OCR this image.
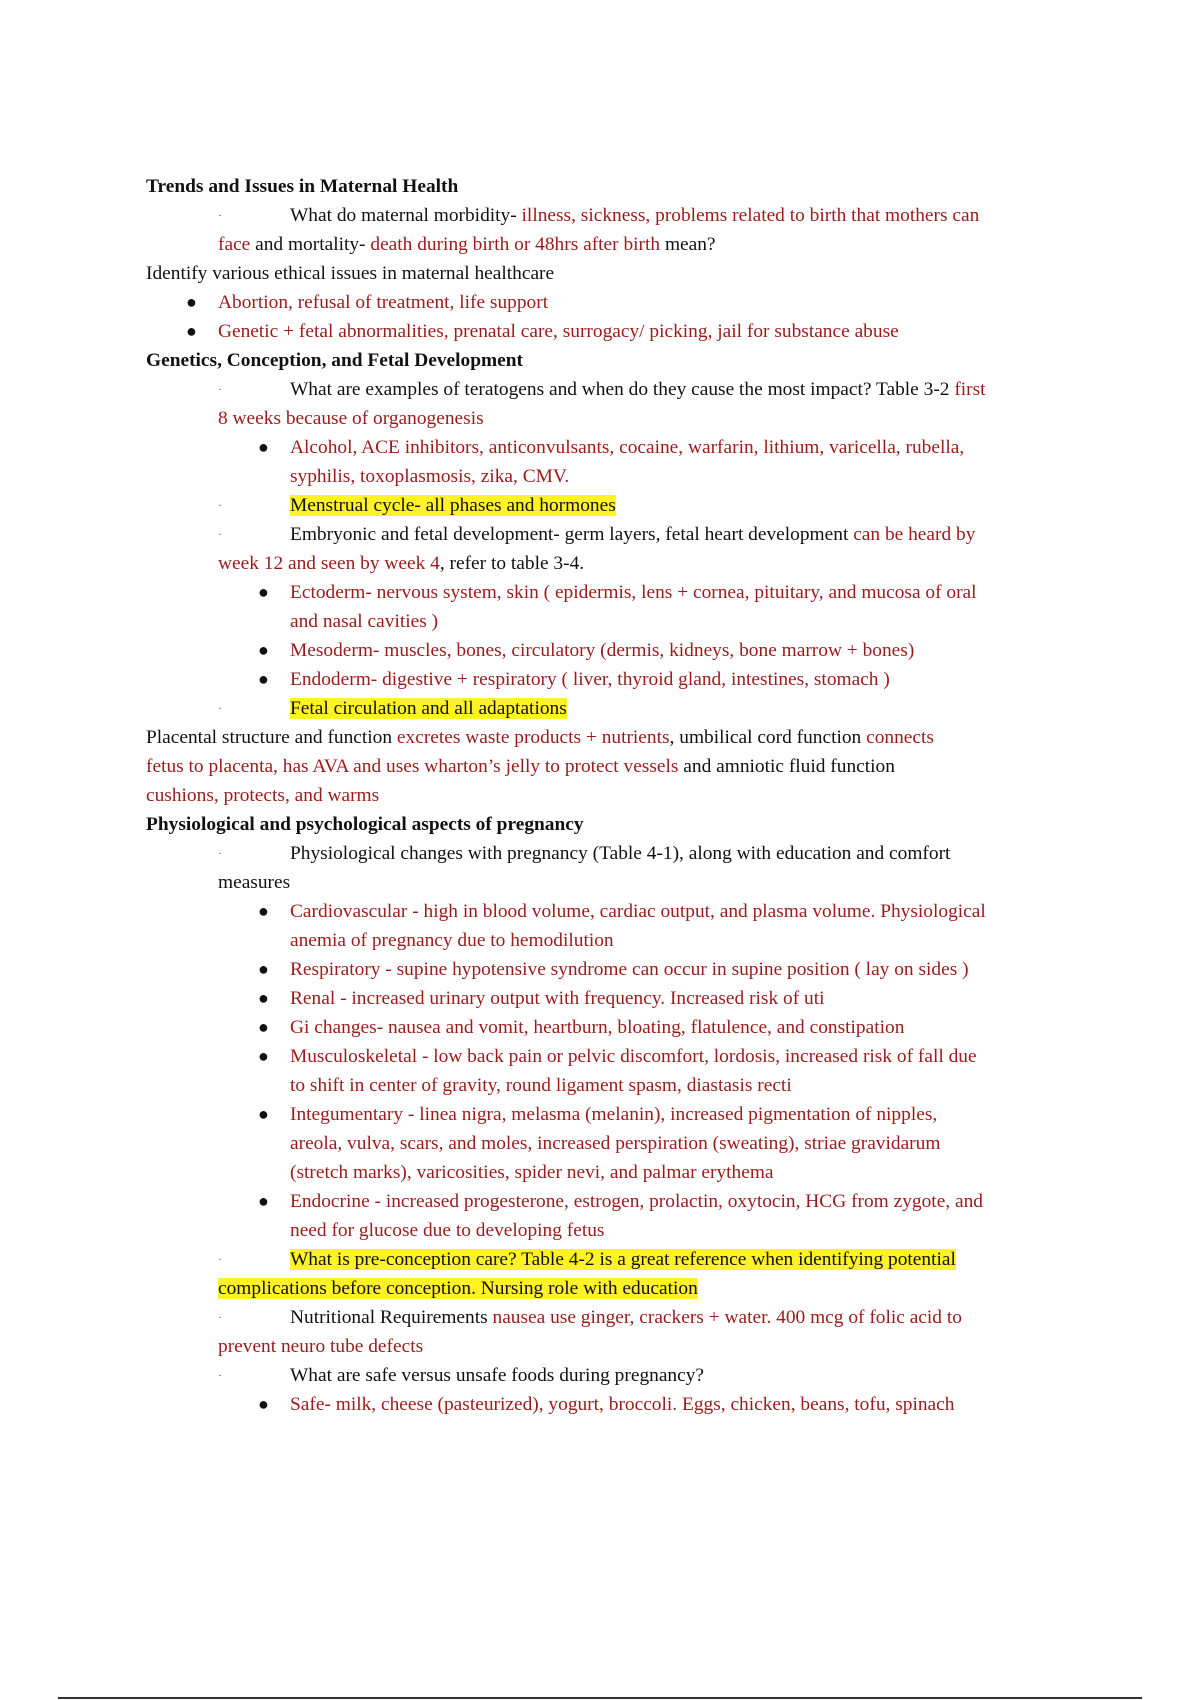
Trends and Issues in Maternal Health
·	What do maternal morbidity- illness, sickness, problems related to birth that mothers can
face and mortality- death during birth or 48hrs after birth mean?
Identify various ethical issues in maternal healthcare
● Abortion, refusal of treatment, life support
● Genetic + fetal abnormalities, prenatal care, surrogacy/ picking, jail for substance abuse
Genetics, Conception, and Fetal Development
·	What are examples of teratogens and when do they cause the most impact? Table 3-2 first
8 weeks because of organogenesis
● Alcohol, ACE inhibitors, anticonvulsants, cocaine, warfarin, lithium, varicella, rubella,
syphilis, toxoplasmosis, zika, CMV.
·	Menstrual cycle- all phases and hormones
·	Embryonic and fetal development- germ layers, fetal heart development can be heard by
week 12 and seen by week 4, refer to table 3-4.
● Ectoderm- nervous system, skin ( epidermis, lens + cornea, pituitary, and mucosa of oral
and nasal cavities )
● Mesoderm- muscles, bones, circulatory (dermis, kidneys, bone marrow + bones)
● Endoderm- digestive + respiratory ( liver, thyroid gland, intestines, stomach )
·	Fetal circulation and all adaptations
Placental structure and function excretes waste products + nutrients, umbilical cord function connects
fetus to placenta, has AVA and uses wharton’s jelly to protect vessels and amniotic fluid function
cushions, protects, and warms
Physiological and psychological aspects of pregnancy
·	Physiological changes with pregnancy (Table 4-1), along with education and comfort
measures
● Cardiovascular - high in blood volume, cardiac output, and plasma volume. Physiological
anemia of pregnancy due to hemodilution
● Respiratory - supine hypotensive syndrome can occur in supine position ( lay on sides )
● Renal - increased urinary output with frequency. Increased risk of uti
● Gi changes- nausea and vomit, heartburn, bloating, flatulence, and constipation
● Musculoskeletal - low back pain or pelvic discomfort, lordosis, increased risk of fall due
to shift in center of gravity, round ligament spasm, diastasis recti
● Integumentary - linea nigra, melasma (melanin), increased pigmentation of nipples,
areola, vulva, scars, and moles, increased perspiration (sweating), striae gravidarum
(stretch marks), varicosities, spider nevi, and palmar erythema
● Endocrine - increased progesterone, estrogen, prolactin, oxytocin, HCG from zygote, and
need for glucose due to developing fetus
·	What is pre-conception care? Table 4-2 is a great reference when identifying potential
complications before conception. Nursing role with education
·	Nutritional Requirements nausea use ginger, crackers + water. 400 mcg of folic acid to
prevent neuro tube defects
·	What are safe versus unsafe foods during pregnancy?
● Safe- milk, cheese (pasteurized), yogurt, broccoli. Eggs, chicken, beans, tofu, spinach
